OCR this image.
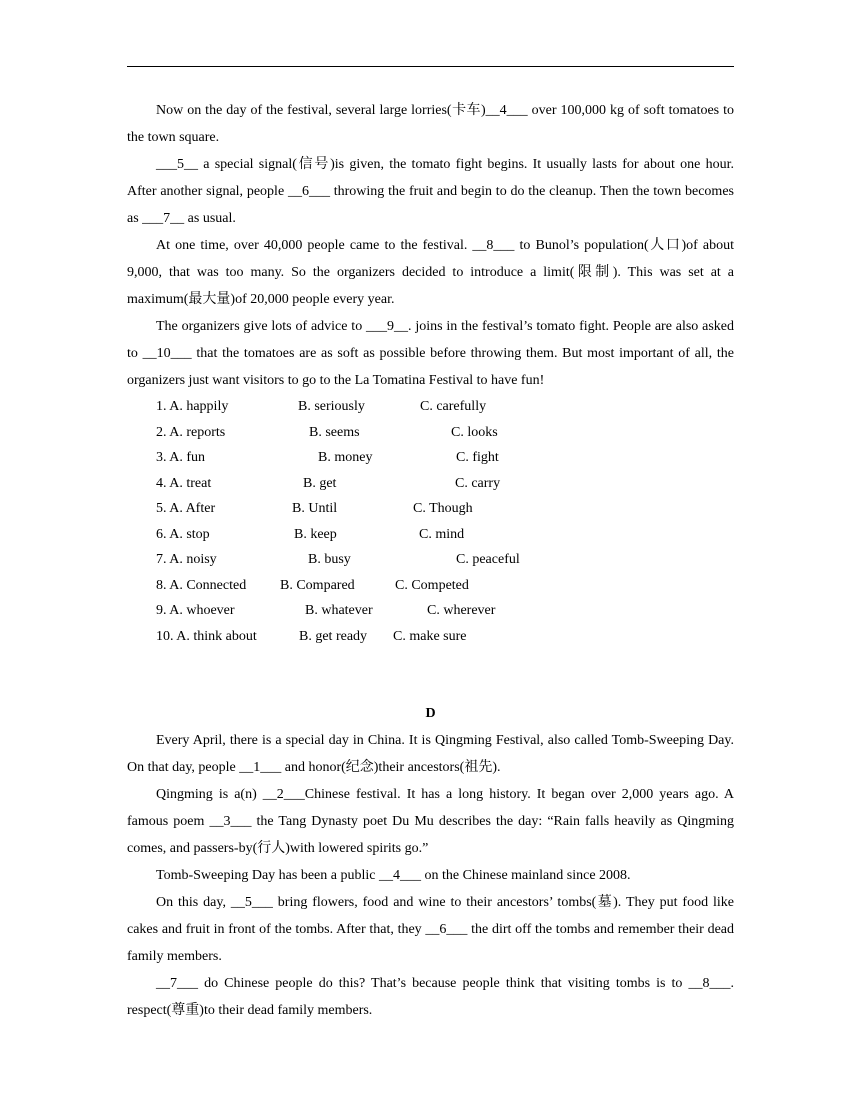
Now on the day of the festival, several large lorries(卡车)__4___ over 100,000 kg of soft tomatoes to the town square.

___5__ a special signal(信号)is given, the tomato fight begins. It usually lasts for about one hour. After another signal, people __6___ throwing the fruit and begin to do the cleanup. Then the town becomes as ___7__ as usual.

At one time, over 40,000 people came to the festival. __8___ to Bunol’s population(人口)of about 9,000, that was too many. So the organizers decided to introduce a limit(限制). This was set at a maximum(最大量)of 20,000 people every year.

The organizers give lots of advice to ___9__. joins in the festival’s tomato fight. People are also asked to __10___ that the tomatoes are as soft as possible before throwing them. But most important of all, the organizers just want visitors to go to the La Tomatina Festival to have fun!

1. A. happily	B. seriously	C. carefully
2. A. reports	B. seems	C. looks
3. A. fun	B. money	C. fight
4. A. treat	B. get	C. carry
5. A. After	B. Until	C. Though
6. A. stop	B. keep	C. mind
7. A. noisy	B. busy	C. peaceful
8. A. Connected B. Compared	C. Competed
9. A. whoever	B. whatever	C. wherever
10. A. think about	B. get ready C. make sure

D

Every April, there is a special day in China. It is Qingming Festival, also called Tomb-Sweeping Day. On that day, people __1___ and honor(纪念)their ancestors(祖先).

Qingming is a(n) __2___Chinese festival. It has a long history. It began over 2,000 years ago. A famous poem __3___ the Tang Dynasty poet Du Mu describes the day: “Rain falls heavily as Qingming comes, and passers-by(行人)with lowered spirits go.”

Tomb-Sweeping Day has been a public __4___ on the Chinese mainland since 2008.

On this day, __5___ bring flowers, food and wine to their ancestors’ tombs(墓). They put food like cakes and fruit in front of the tombs. After that, they __6___ the dirt off the tombs and remember their dead family members.

__7___ do Chinese people do this? That’s because people think that visiting tombs is to __8___. respect(尊重)to their dead family members.
